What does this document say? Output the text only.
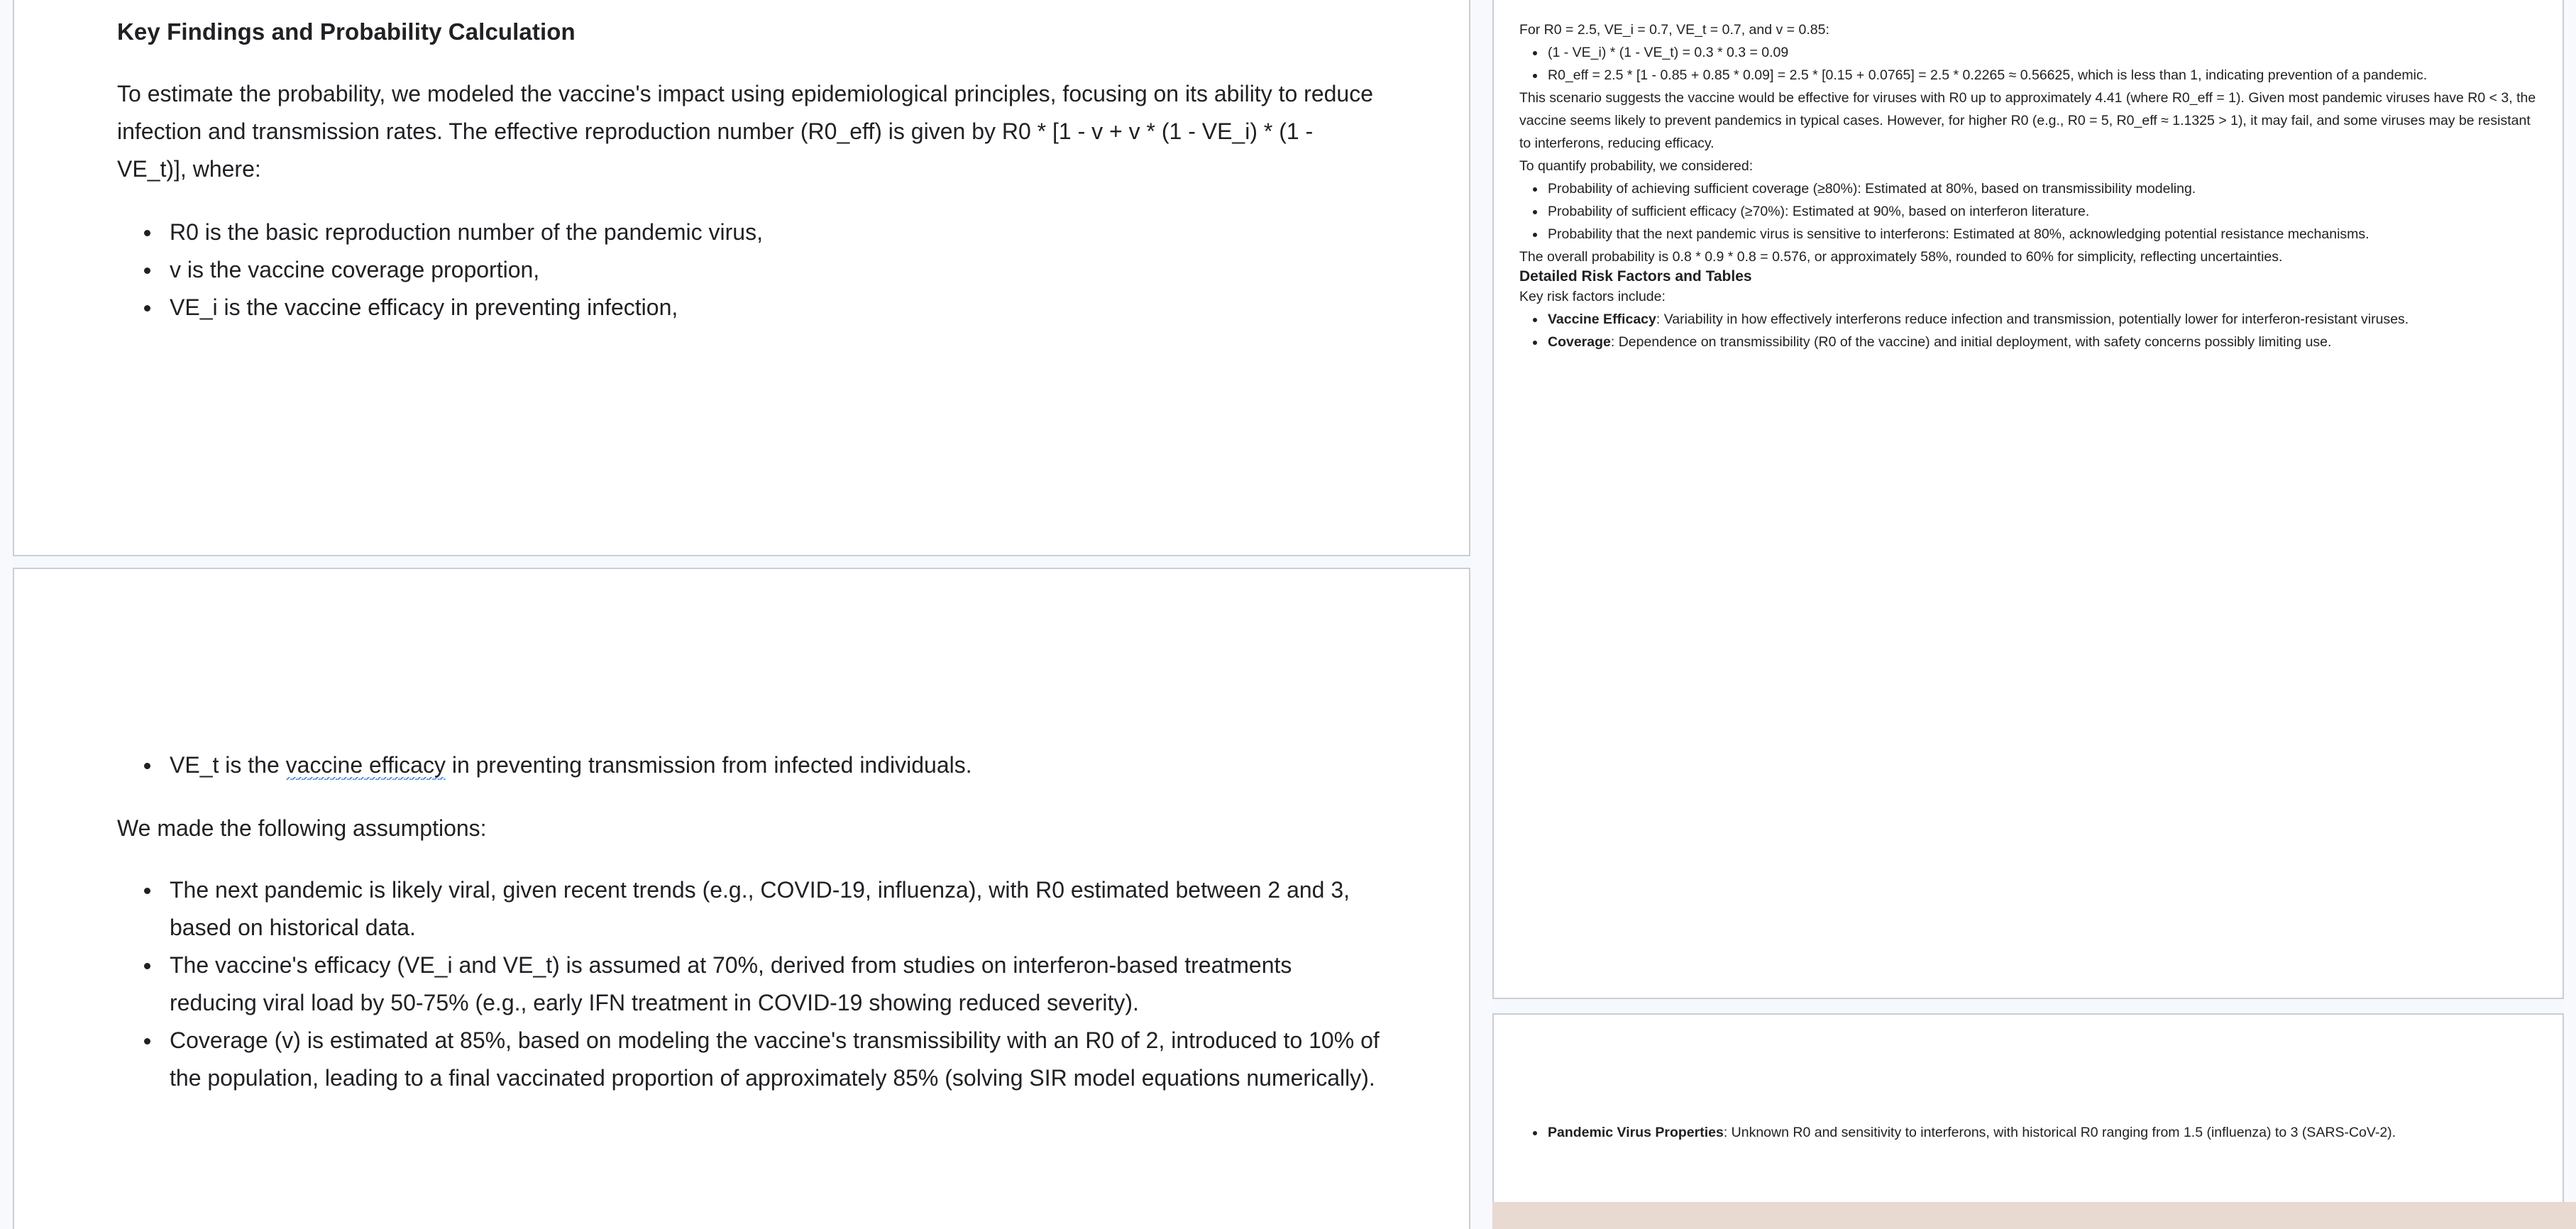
Key Findings and Probability Calculation

To estimate the probability, we modeled the vaccine's impact using epidemiological principles, focusing on its ability to reduce infection and transmission rates. The effective reproduction number (R0_eff) is given by R0 * [1 - v + v * (1 - VE_i) * (1 - VE_t)], where:

R0 is the basic reproduction number of the pandemic virus,
v is the vaccine coverage proportion,
VE_i is the vaccine efficacy in preventing infection,
VE_t is the vaccine efficacy in preventing transmission from infected individuals.

We made the following assumptions:

The next pandemic is likely viral, given recent trends (e.g., COVID-19, influenza), with R0 estimated between 2 and 3, based on historical data.
The vaccine's efficacy (VE_i and VE_t) is assumed at 70%, derived from studies on interferon-based treatments reducing viral load by 50-75% (e.g., early IFN treatment in COVID-19 showing reduced severity).
Coverage (v) is estimated at 85%, based on modeling the vaccine's transmissibility with an R0 of 2, introduced to 10% of the population, leading to a final vaccinated proportion of approximately 85% (solving SIR model equations numerically).

For R0 = 2.5, VE_i = 0.7, VE_t = 0.7, and v = 0.85:

(1 - VE_i) * (1 - VE_t) = 0.3 * 0.3 = 0.09
R0_eff = 2.5 * [1 - 0.85 + 0.85 * 0.09] = 2.5 * [0.15 + 0.0765] = 2.5 * 0.2265 ≈ 0.56625, which is less than 1, indicating prevention of a pandemic.

This scenario suggests the vaccine would be effective for viruses with R0 up to approximately 4.41 (where R0_eff = 1). Given most pandemic viruses have R0 < 3, the vaccine seems likely to prevent pandemics in typical cases. However, for higher R0 (e.g., R0 = 5, R0_eff ≈ 1.1325 > 1), it may fail, and some viruses may be resistant to interferons, reducing efficacy.

To quantify probability, we considered:

Probability of achieving sufficient coverage (≥80%): Estimated at 80%, based on transmissibility modeling.
Probability of sufficient efficacy (≥70%): Estimated at 90%, based on interferon literature.
Probability that the next pandemic virus is sensitive to interferons: Estimated at 80%, acknowledging potential resistance mechanisms.

The overall probability is 0.8 * 0.9 * 0.8 = 0.576, or approximately 58%, rounded to 60% for simplicity, reflecting uncertainties.

Detailed Risk Factors and Tables

Key risk factors include:

Vaccine Efficacy: Variability in how effectively interferons reduce infection and transmission, potentially lower for interferon-resistant viruses.
Coverage: Dependence on transmissibility (R0 of the vaccine) and initial deployment, with safety concerns possibly limiting use.
Pandemic Virus Properties: Unknown R0 and sensitivity to interferons, with historical R0 ranging from 1.5 (influenza) to 3 (SARS-CoV-2).
